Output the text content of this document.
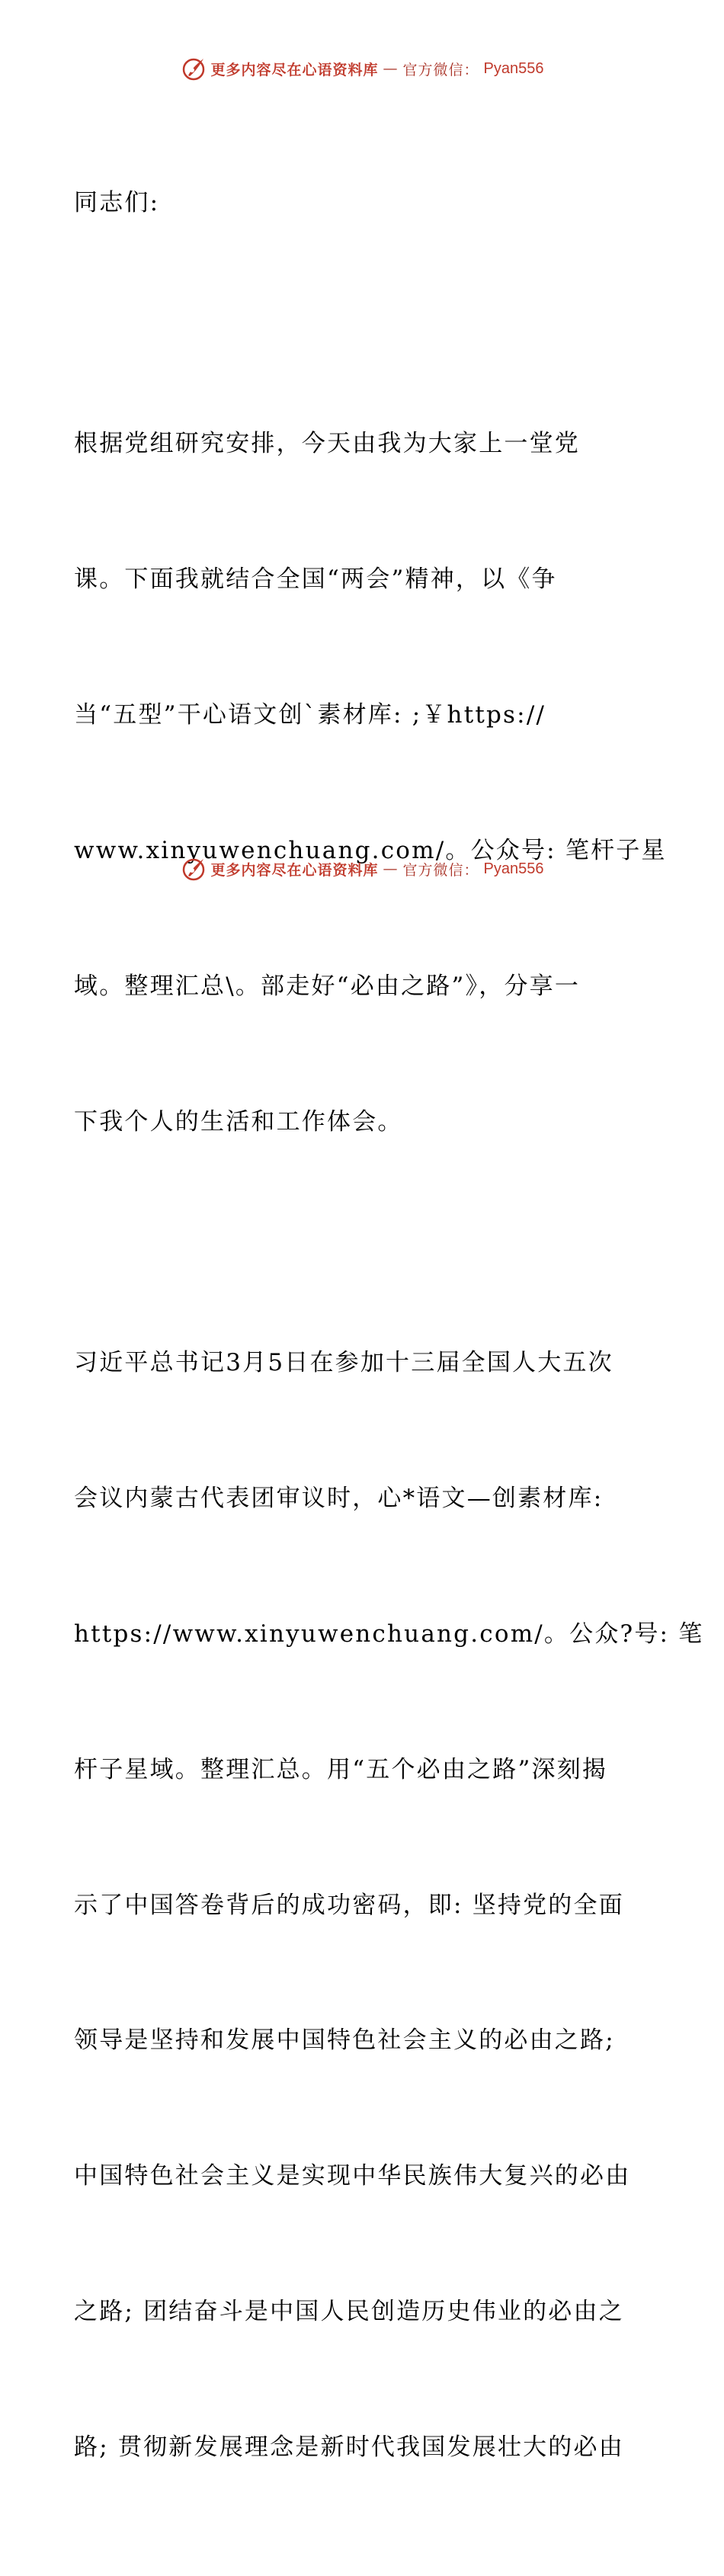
更多内容尽在心语资料库 — 官方微信： Pyan556

同志们:

根据党组研究安排，今天由我为大家上一堂党

课。下面我就结合全国“两会”精神，以《争

当“五型”干心语文创`素材库: ;￥https://

www.xinyuwenchuang.com/。公众号: 笔杆子星

域。整理汇总\。部走好“必由之路”》，分享一

下我个人的生活和工作体会。

习近平总书记3月5日在参加十三届全国人大五次

会议内蒙古代表团审议时，心*语文—创素材库:

https://www.xinyuwenchuang.com/。公众?号: 笔

杆子星域。整理汇总。用“五个必由之路”深刻揭

示了中国答卷背后的成功密码，即: 坚持党的全面

领导是坚持和发展中国特色社会主义的必由之路;

中国特色社会主义是实现中华民族伟大复兴的必由

之路; 团结奋斗是中国人民创造历史伟业的必由之

路; 贯彻新发展理念是新时代我国发展壮大的必由

更多内容尽在心语资料库 — 官方微信： Pyan556
